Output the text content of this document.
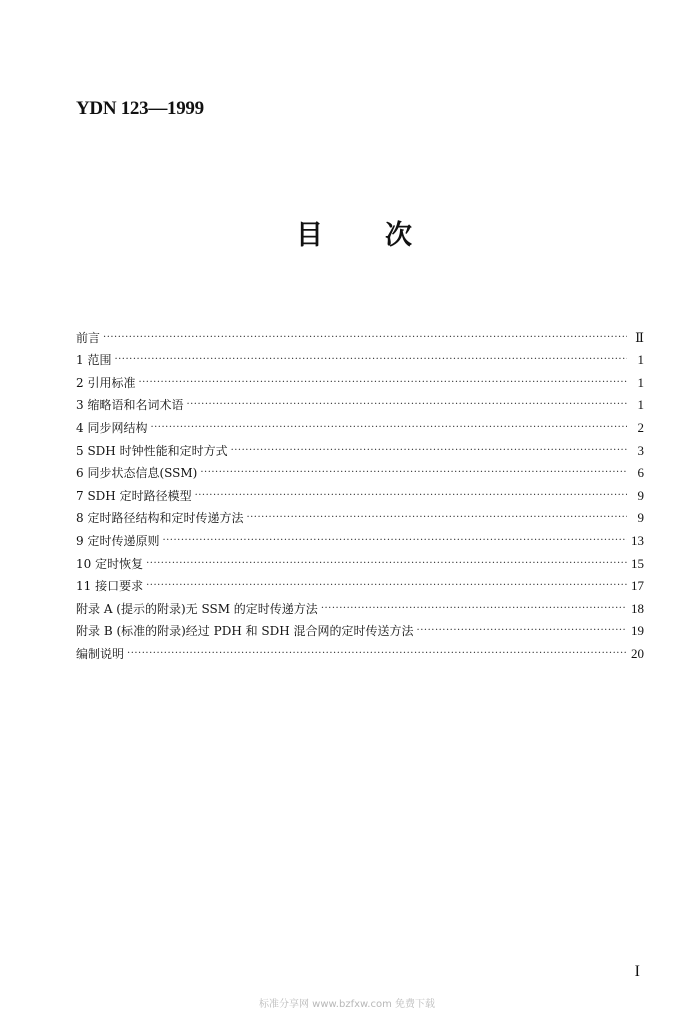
YDN 123—1999
目次
前言 ·····	Ⅱ
1 范围 ·····	1
2 引用标准 ·····	1
3 缩略语和名词术语 ·····	1
4 同步网结构 ·····	2
5 SDH 时钟性能和定时方式 ·····	3
6 同步状态信息(SSM) ·····	6
7 SDH 定时路径模型 ·····	9
8 定时路径结构和定时传递方法 ·····	9
9 定时传递原则 ·····	13
10 定时恢复 ·····	15
11 接口要求 ·····	17
附录 A (提示的附录)无 SSM 的定时传递方法 ·····	18
附录 B (标准的附录)经过 PDH 和 SDH 混合网的定时传送方法 ·····	19
编制说明 ·····	20
I
标准分享网 www.bzfxw.com 免费下载
